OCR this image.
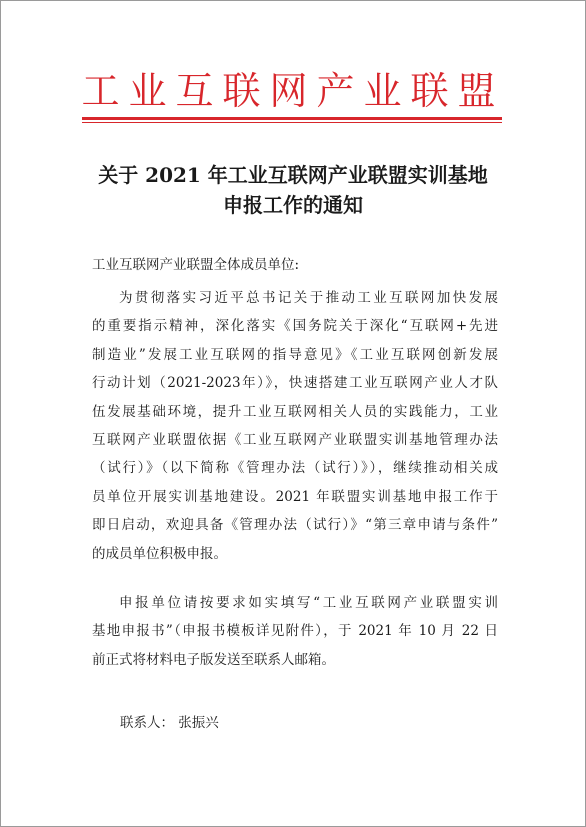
工业互联网产业联盟
关于 2021 年工业互联网产业联盟实训基地
申报工作的通知
工业互联网产业联盟全体成员单位:
为贯彻落实习近平总书记关于推动工业互联网加快发展
的重要指示精神，深化落实《国务院关于深化“互联网+先进
制造业”发展工业互联网的指导意见》《工业互联网创新发展
行动计划（2021-2023年）》，快速搭建工业互联网产业人才队
伍发展基础环境，提升工业互联网相关人员的实践能力，工业
互联网产业联盟依据《工业互联网产业联盟实训基地管理办法
（试行）》（以下简称《管理办法（试行）》），继续推动相关成
员单位开展实训基地建设。2021 年联盟实训基地申报工作于
即日启动，欢迎具备《管理办法（试行）》“第三章申请与条件”
的成员单位积极申报。
申报单位请按要求如实填写“工业互联网产业联盟实训
基地申报书”（申报书模板详见附件），于 2021 年 10 月 22 日
前正式将材料电子版发送至联系人邮箱。
联系人： 张振兴
